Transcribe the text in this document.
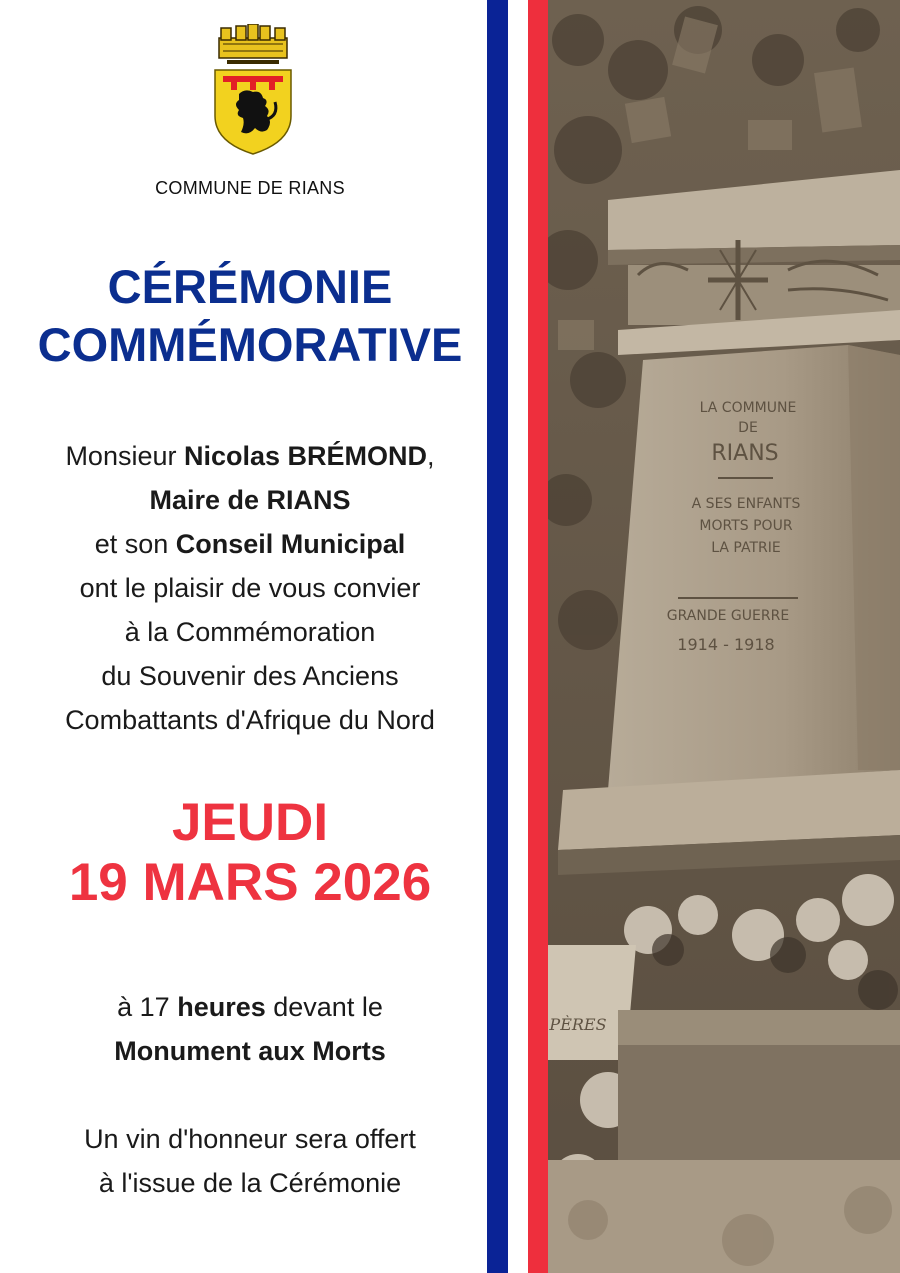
COMMUNE DE RIANS
CÉRÉMONIE
COMMÉMORATIVE
Monsieur Nicolas BRÉMOND,
Maire de RIANS
et son Conseil Municipal
ont le plaisir de vous convier
à la Commémoration
du Souvenir des Anciens
Combattants d'Afrique du Nord
JEUDI
19 MARS 2026
à 17 heures devant le
Monument aux Morts
Un vin d'honneur sera offert
à l'issue de la Cérémonie
LA COMMUNE
DE
RIANS
A SES ENFANTS
MORTS POUR
LA PATRIE
GRANDE GUERRE
1914 - 1918
PÈRES
